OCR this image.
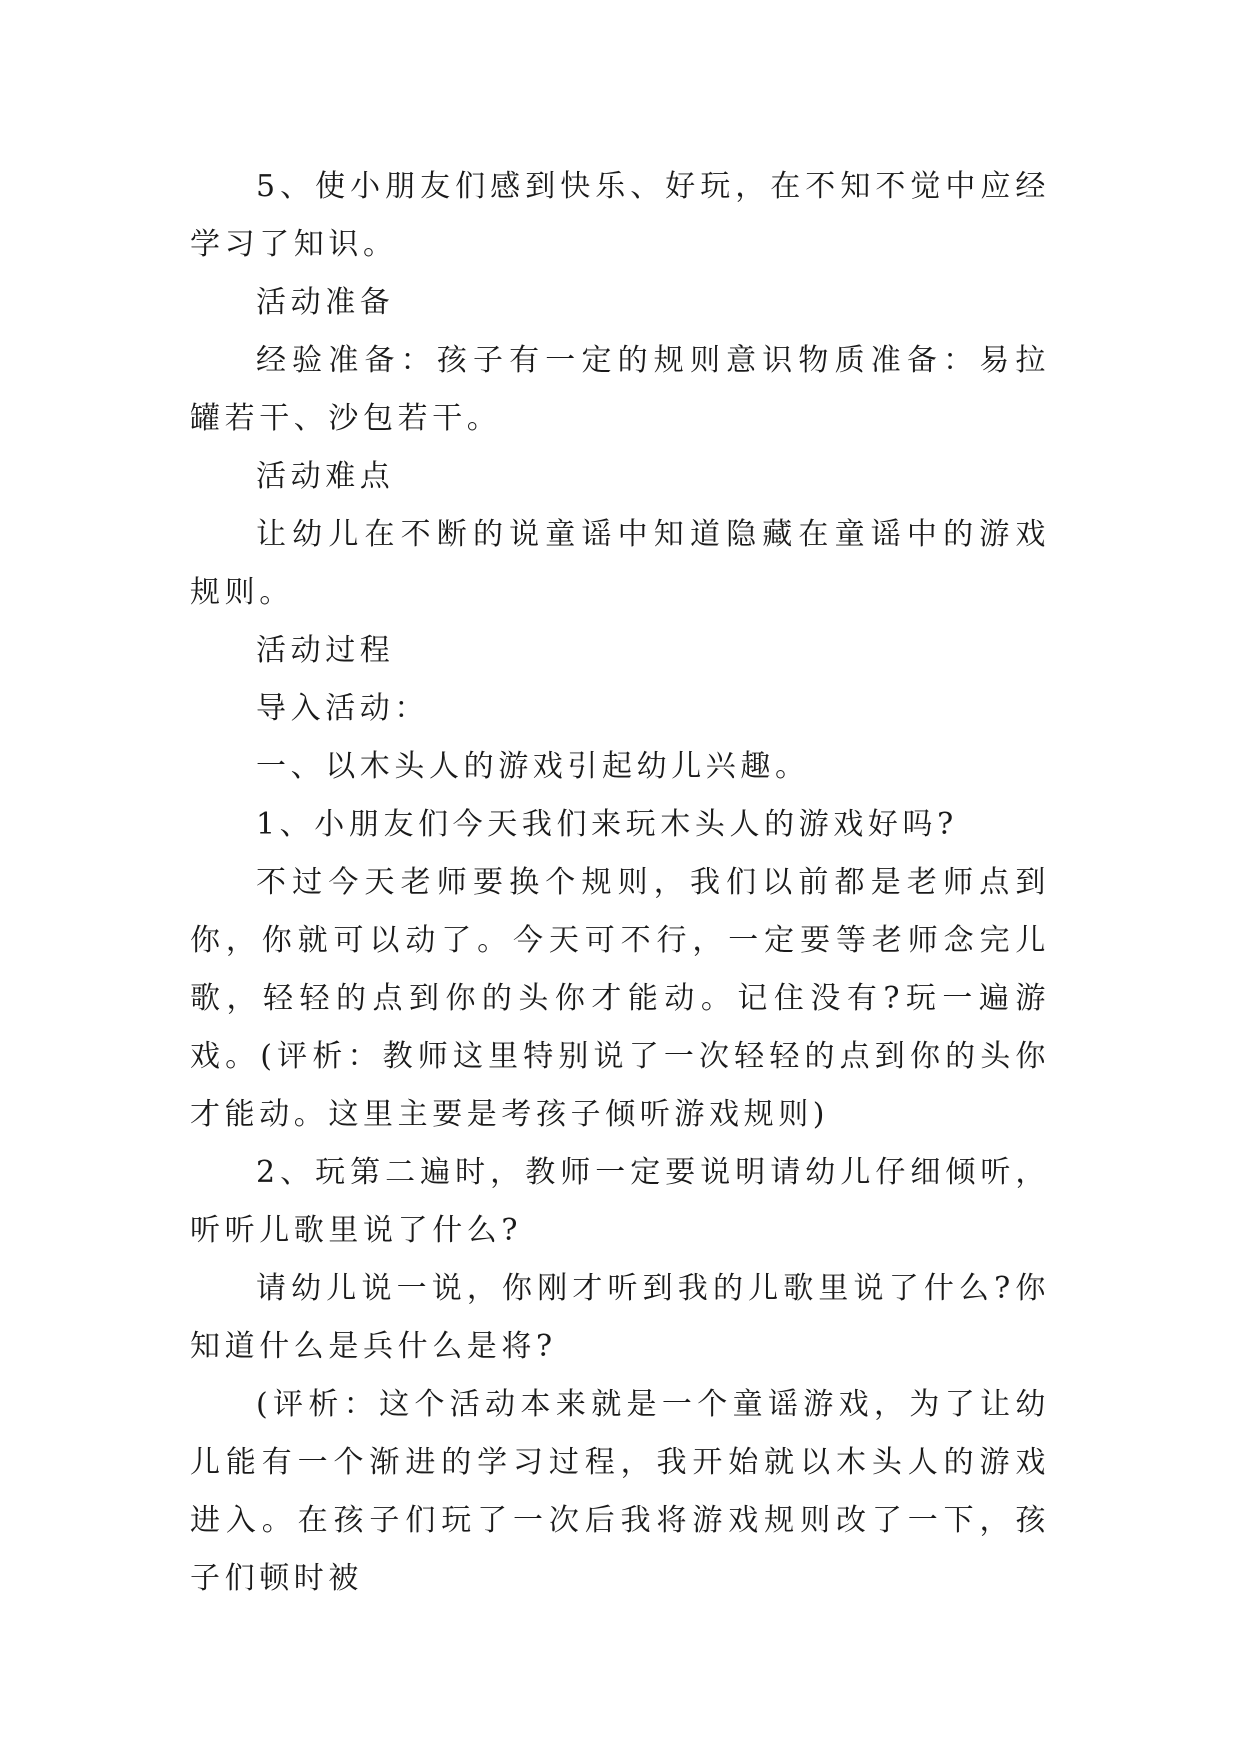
5、使小朋友们感到快乐、好玩，在不知不觉中应经学习了知识。

活动准备

经验准备：孩子有一定的规则意识物质准备：易拉罐若干、沙包若干。

活动难点

让幼儿在不断的说童谣中知道隐藏在童谣中的游戏规则。

活动过程

导入活动：

一、以木头人的游戏引起幼儿兴趣。

1、小朋友们今天我们来玩木头人的游戏好吗?

不过今天老师要换个规则，我们以前都是老师点到你，你就可以动了。今天可不行，一定要等老师念完儿歌，轻轻的点到你的头你才能动。记住没有?玩一遍游戏。(评析：教师这里特别说了一次轻轻的点到你的头你才能动。这里主要是考孩子倾听游戏规则)

2、玩第二遍时，教师一定要说明请幼儿仔细倾听，听听儿歌里说了什么?

请幼儿说一说，你刚才听到我的儿歌里说了什么?你知道什么是兵什么是将?

(评析：这个活动本来就是一个童谣游戏，为了让幼儿能有一个渐进的学习过程，我开始就以木头人的游戏进入。在孩子们玩了一次后我将游戏规则改了一下，孩子们顿时被
